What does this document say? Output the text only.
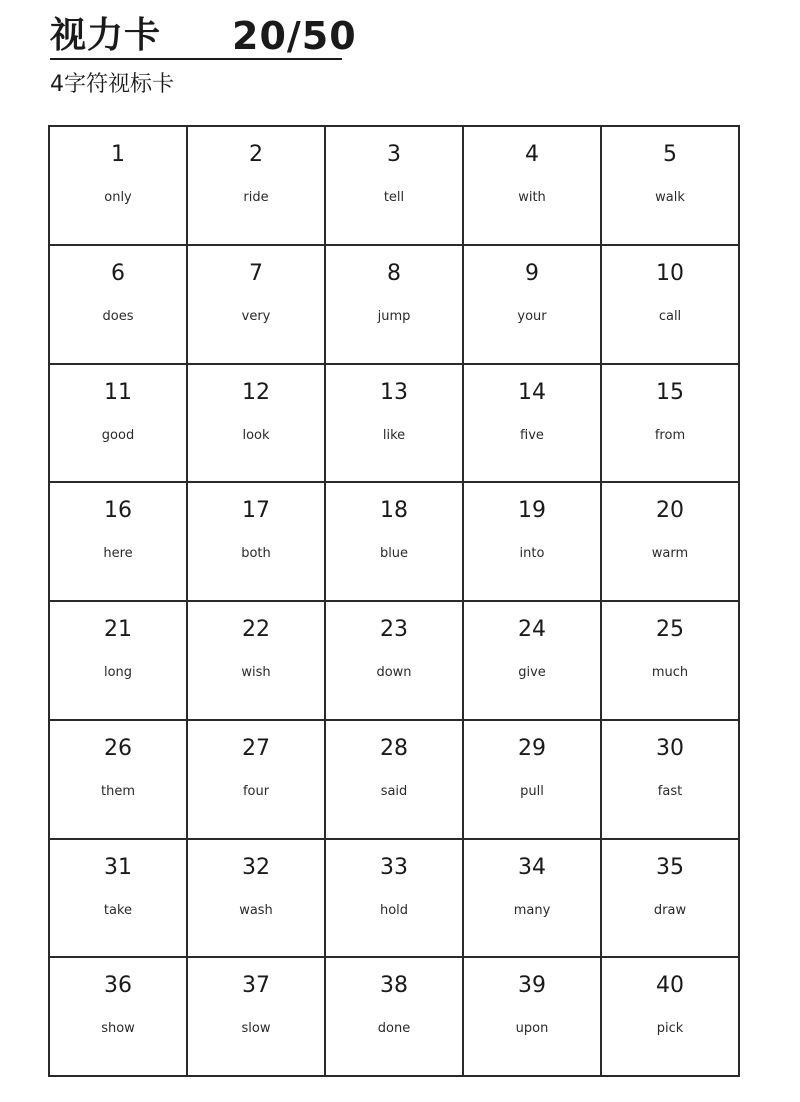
视力卡 20/50
4字符视标卡
1
only
2
ride
3
tell
4
with
5
walk
6
does
7
very
8
jump
9
your
10
call
11
good
12
look
13
like
14
five
15
from
16
here
17
both
18
blue
19
into
20
warm
21
long
22
wish
23
down
24
give
25
much
26
them
27
four
28
said
29
pull
30
fast
31
take
32
wash
33
hold
34
many
35
draw
36
show
37
slow
38
done
39
upon
40
pick
